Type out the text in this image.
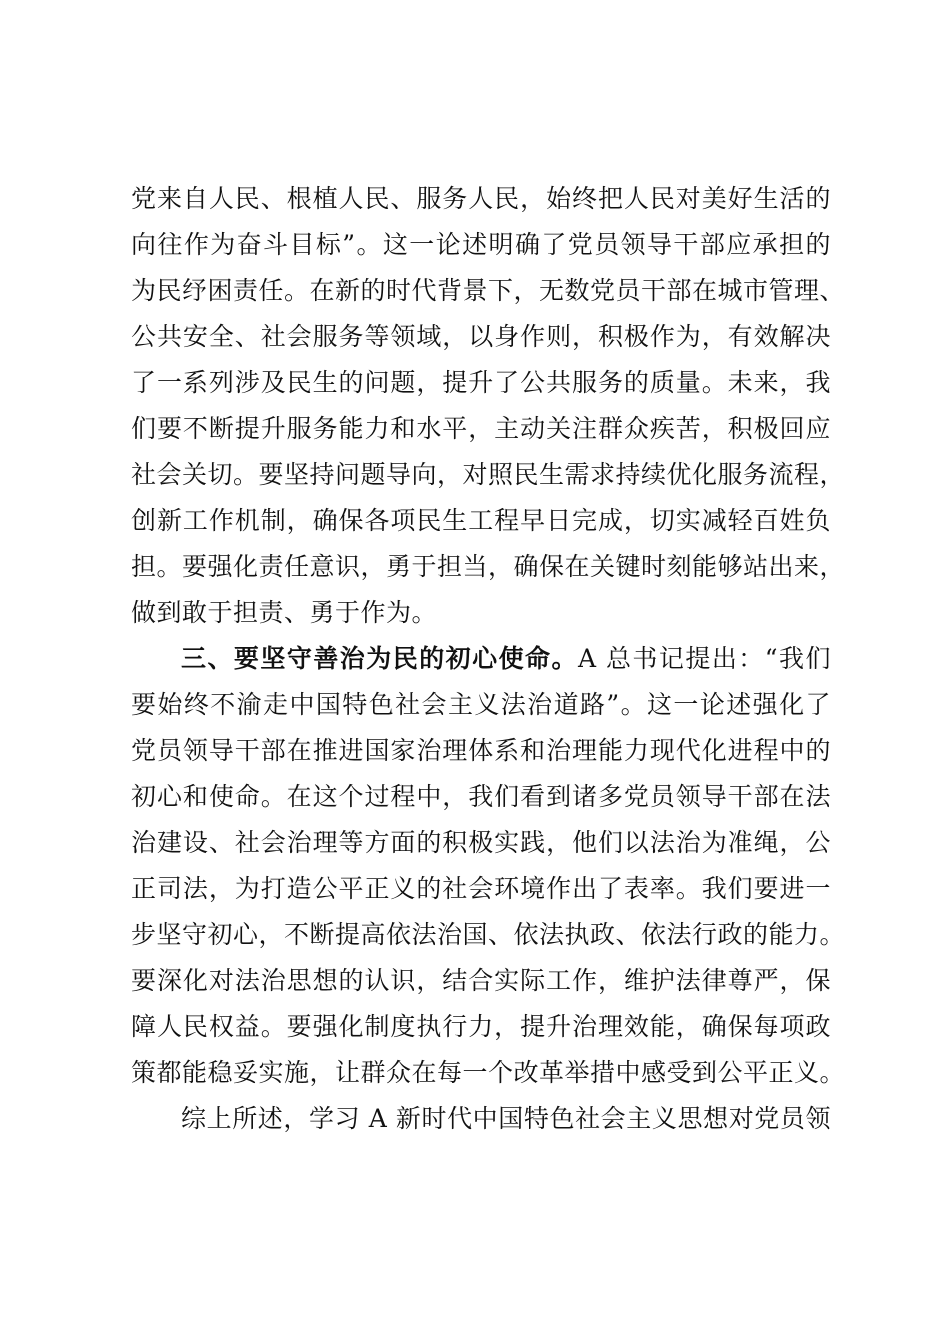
党来自人民、根植人民、服务人民，始终把人民对美好生活的
向往作为奋斗目标”。这一论述明确了党员领导干部应承担的
为民纾困责任。在新的时代背景下，无数党员干部在城市管理、
公共安全、社会服务等领域，以身作则，积极作为，有效解决
了一系列涉及民生的问题，提升了公共服务的质量。未来，我
们要不断提升服务能力和水平，主动关注群众疾苦，积极回应
社会关切。要坚持问题导向，对照民生需求持续优化服务流程，
创新工作机制，确保各项民生工程早日完成，切实减轻百姓负
担。要强化责任意识，勇于担当，确保在关键时刻能够站出来，
做到敢于担责、勇于作为。
三、要坚守善治为民的初心使命。A 总书记提出：“我们
要始终不渝走中国特色社会主义法治道路”。这一论述强化了
党员领导干部在推进国家治理体系和治理能力现代化进程中的
初心和使命。在这个过程中，我们看到诸多党员领导干部在法
治建设、社会治理等方面的积极实践，他们以法治为准绳，公
正司法，为打造公平正义的社会环境作出了表率。我们要进一
步坚守初心，不断提高依法治国、依法执政、依法行政的能力。
要深化对法治思想的认识，结合实际工作，维护法律尊严，保
障人民权益。要强化制度执行力，提升治理效能，确保每项政
策都能稳妥实施，让群众在每一个改革举措中感受到公平正义。
综上所述，学习 A 新时代中国特色社会主义思想对党员领
